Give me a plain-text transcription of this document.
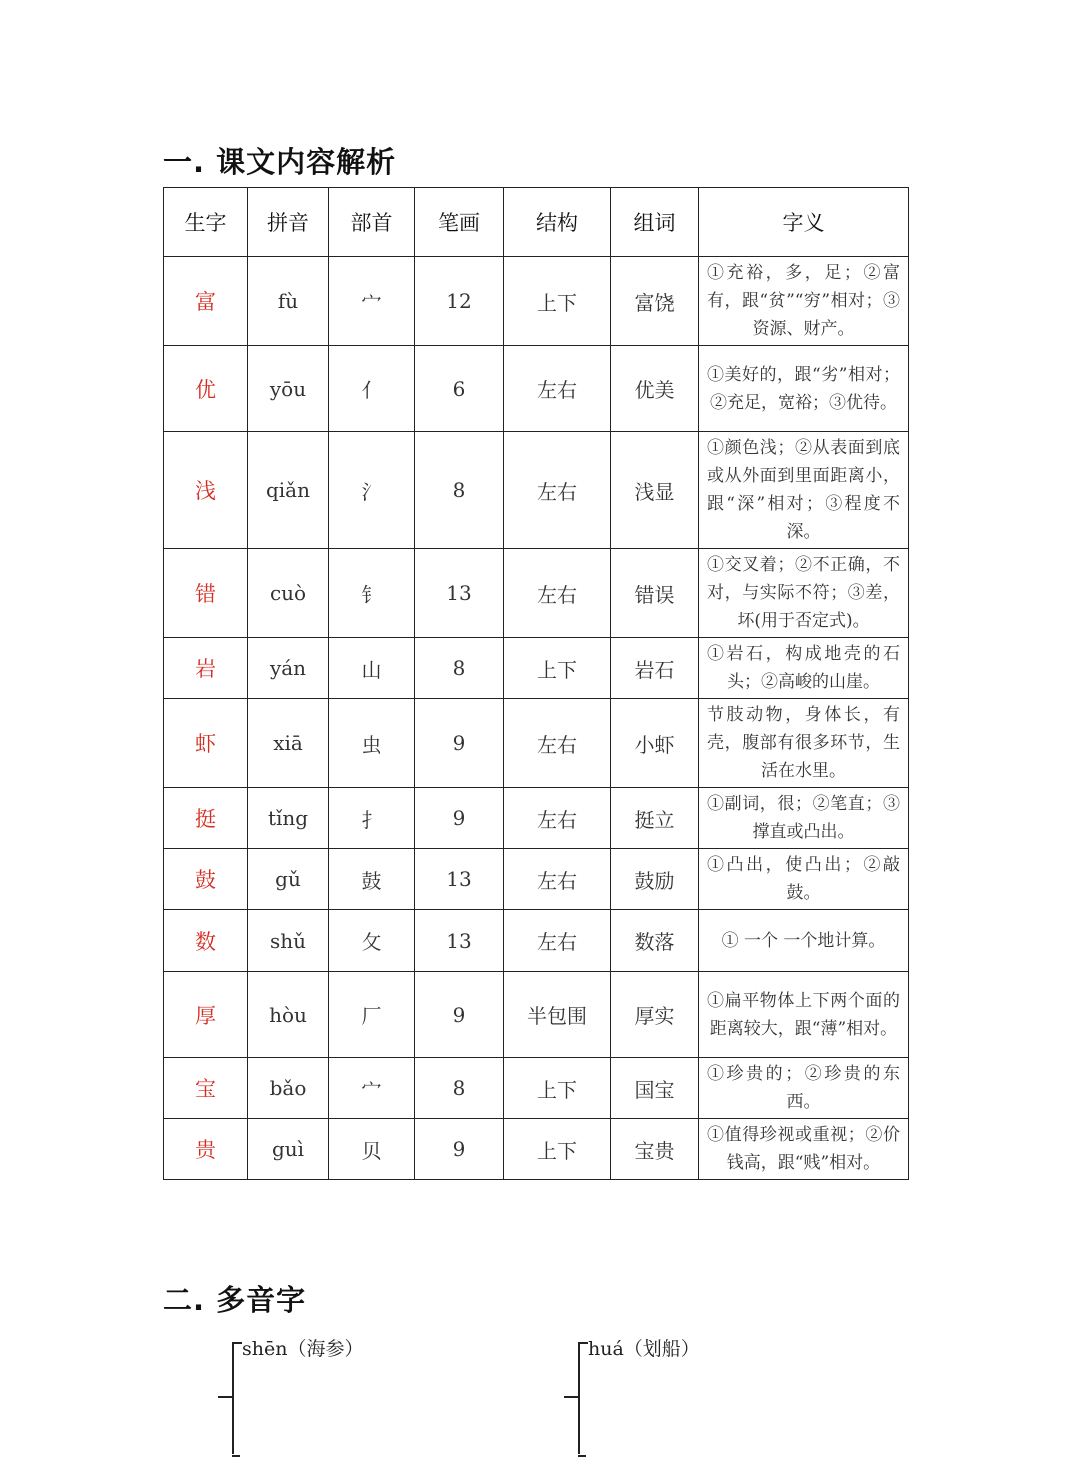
一. 课文内容解析
生字	拼音	部首	笔画	结构	组词	字义
富	fù	宀	12	上下	富饶	①充裕，多，足；②富有，跟“贫”“穷”相对；③资源、财产。
优	yōu	亻	6	左右	优美	①美好的，跟“劣”相对；②充足，宽裕；③优待。
浅	qiǎn	氵	8	左右	浅显	①颜色浅；②从表面到底或从外面到里面距离小，跟“深”相对；③程度不深。
错	cuò	钅	13	左右	错误	①交叉着；②不正确，不对，与实际不符；③差，坏(用于否定式)。
岩	yán	山	8	上下	岩石	①岩石，构成地壳的石头；②高峻的山崖。
虾	xiā	虫	9	左右	小虾	节肢动物，身体长，有壳，腹部有很多环节，生活在水里。
挺	tǐng	扌	9	左右	挺立	①副词，很；②笔直；③撑直或凸出。
鼓	gǔ	鼓	13	左右	鼓励	①凸出，使凸出；②敲鼓。
数	shǔ	攵	13	左右	数落	① 一个 一个地计算。
厚	hòu	厂	9	半包围	厚实	①扁平物体上下两个面的距离较大，跟“薄”相对。
宝	bǎo	宀	8	上下	国宝	①珍贵的；②珍贵的东西。
贵	guì	贝	9	上下	宝贵	①值得珍视或重视；②价钱高，跟“贱”相对。
二. 多音字
shēn（海参）	huá（划船）
